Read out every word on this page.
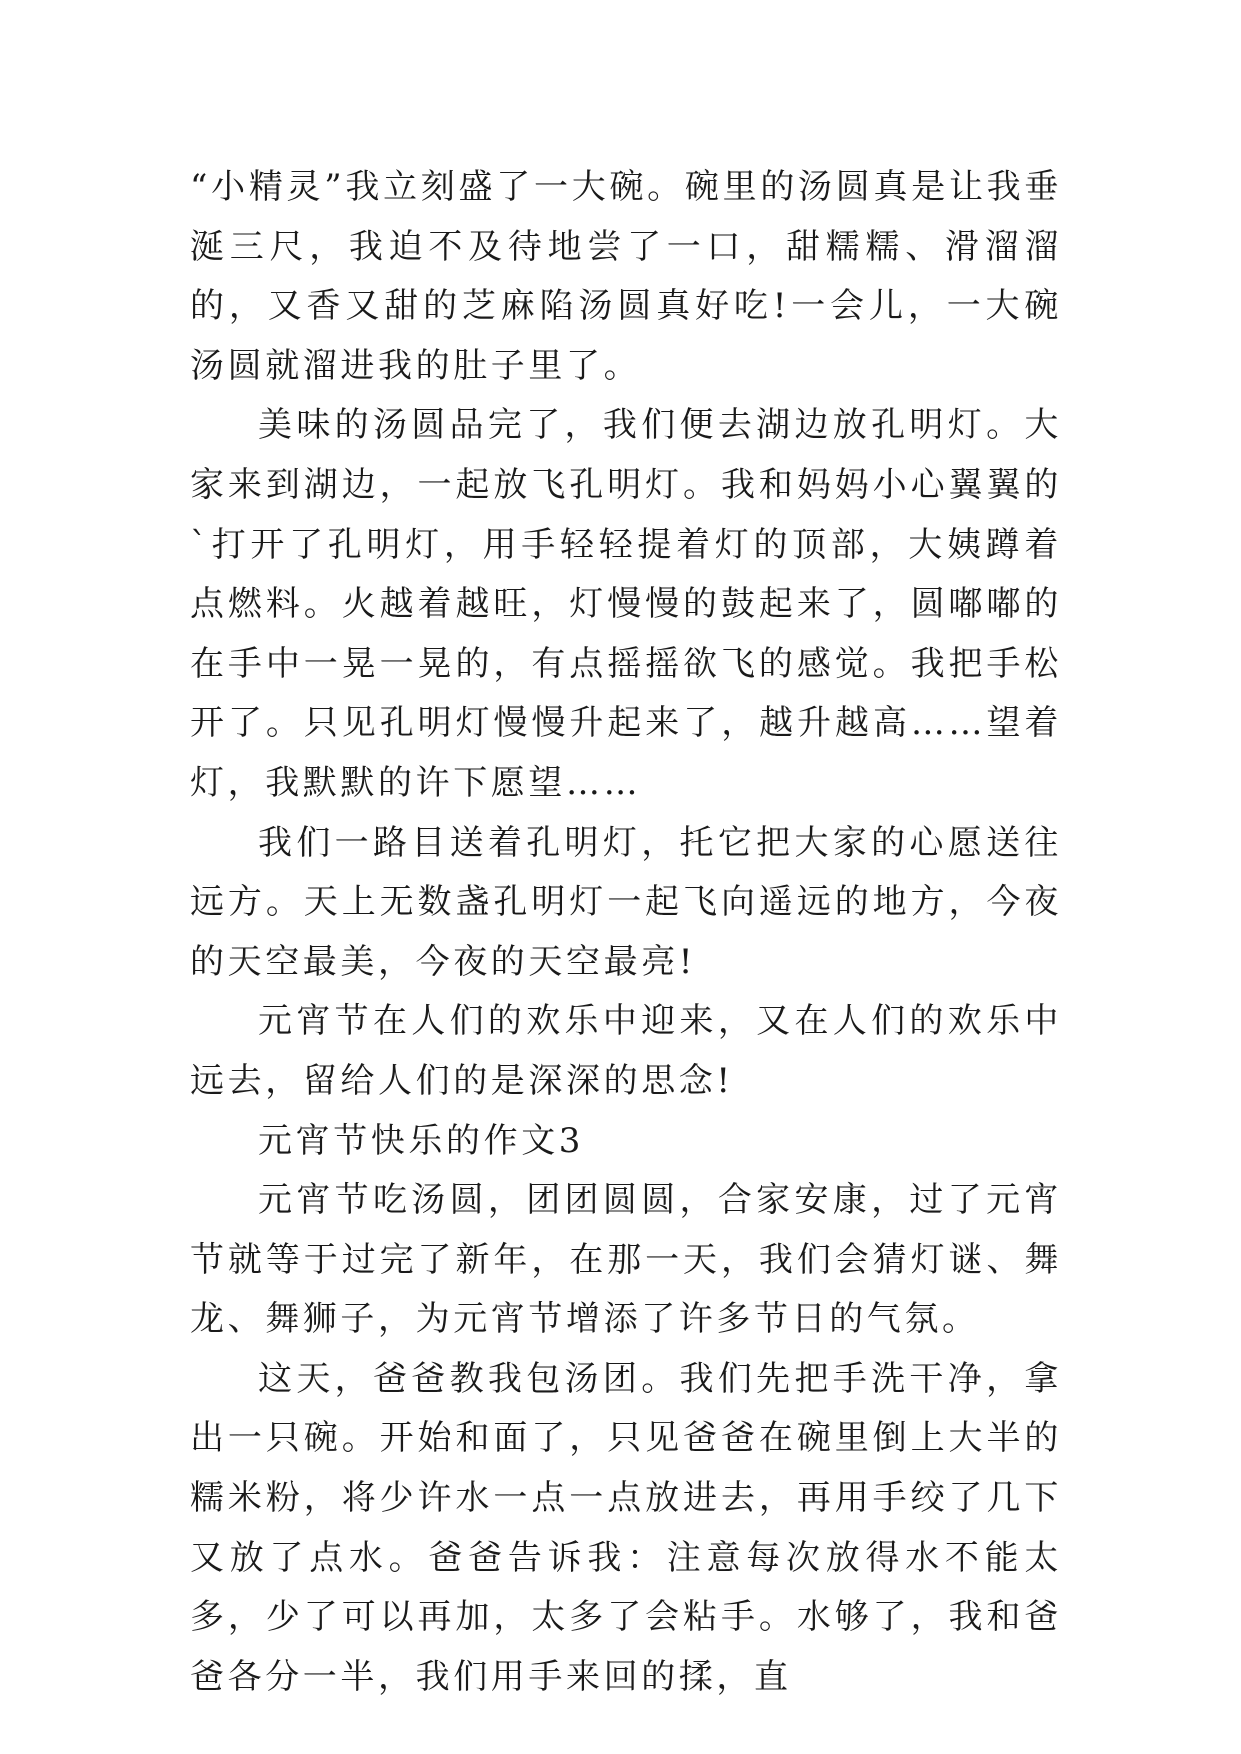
“小精灵”我立刻盛了一大碗。碗里的汤圆真是让我垂涎三尺，我迫不及待地尝了一口，甜糯糯、滑溜溜的，又香又甜的芝麻陷汤圆真好吃!一会儿，一大碗汤圆就溜进我的肚子里了。

美味的汤圆品完了，我们便去湖边放孔明灯。大家来到湖边，一起放飞孔明灯。我和妈妈小心翼翼的`打开了孔明灯，用手轻轻提着灯的顶部，大姨蹲着点燃料。火越着越旺，灯慢慢的鼓起来了，圆嘟嘟的在手中一晃一晃的，有点摇摇欲飞的感觉。我把手松开了。只见孔明灯慢慢升起来了，越升越高……望着灯，我默默的许下愿望……

我们一路目送着孔明灯，托它把大家的心愿送往远方。天上无数盏孔明灯一起飞向遥远的地方，今夜的天空最美，今夜的天空最亮!

元宵节在人们的欢乐中迎来，又在人们的欢乐中远去，留给人们的是深深的思念!

元宵节快乐的作文3

元宵节吃汤圆，团团圆圆，合家安康，过了元宵节就等于过完了新年，在那一天，我们会猜灯谜、舞龙、舞狮子，为元宵节增添了许多节日的气氛。

这天，爸爸教我包汤团。我们先把手洗干净，拿出一只碗。开始和面了，只见爸爸在碗里倒上大半的糯米粉，将少许水一点一点放进去，再用手绞了几下又放了点水。爸爸告诉我：注意每次放得水不能太多，少了可以再加，太多了会粘手。水够了，我和爸爸各分一半，我们用手来回的揉，直
